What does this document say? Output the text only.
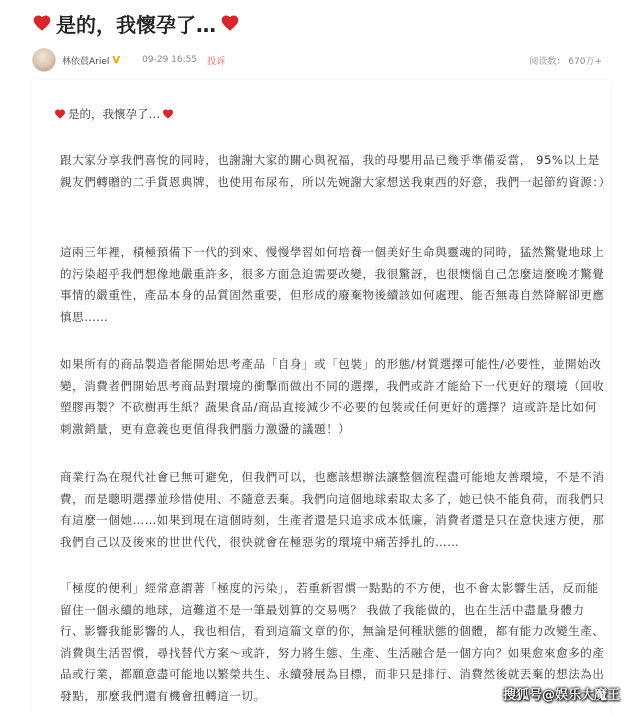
是的，我懷孕了…
林依晨Ariel V 09-29 16:55 投诉	阅读数： 670万+
是的，我懷孕了…

跟大家分享我們喜悅的同時，也謝謝大家的關心與祝福，我的母嬰用品已幾乎準備妥當， 95%以上是親友們轉贈的二手貨恩典牌，也使用布尿布，所以先婉謝大家想送我東西的好意，我們一起節約資源：）

這兩三年裡，積極預備下一代的到來、慢慢學習如何培養一個美好生命與靈魂的同時，猛然驚覺地球上的污染超乎我們想像地嚴重許多，很多方面急迫需要改變，我很驚訝，也很懊惱自己怎麼這麼晚才驚覺事情的嚴重性，產品本身的品質固然重要，但形成的廢棄物後續該如何處理、能否無毒自然降解卻更應慎思……

如果所有的商品製造者能開始思考產品「自身」或「包裝」的形態/材質選擇可能性/必要性，並開始改變，消費者們開始思考商品對環境的衝擊而做出不同的選擇，我們或許才能給下一代更好的環境（回收塑膠再製？不砍樹再生紙？蔬果食品/商品直接減少不必要的包裝或任何更好的選擇？這或許是比如何刺激銷量，更有意義也更值得我們腦力激盪的議題！）

商業行為在現代社會已無可避免，但我們可以，也應該想辦法讓整個流程盡可能地友善環境，不是不消費，而是聰明選擇並珍惜使用、不隨意丟棄。我們向這個地球索取太多了，她已快不能負荷，而我們只有這麼一個她……如果到現在這個時刻，生產者還是只追求成本低廉，消費者還是只在意快速方便，那我們自己以及後來的世世代代，很快就會在極惡劣的環境中痛苦掙扎的……

「極度的便利」經常意謂著「極度的污染」，若重新習慣一點點的不方便，也不會太影響生活，反而能留住一個永續的地球，這難道不是一筆最划算的交易嗎？ 我做了我能做的，也在生活中盡量身體力行、影響我能影響的人，我也相信，看到這篇文章的你，無論是何種狀態的個體，都有能力改變生產、消費與生活習慣，尋找替代方案～或許，努力將生態、生產、生活融合是一個方向？如果愈來愈多的產品或行業，都願意盡可能地以繁榮共生、永續發展為目標，而非只是排行、消費然後就丟棄的想法為出發點，那麼我們還有機會扭轉這一切。	搜狐号@娱乐大魔王
